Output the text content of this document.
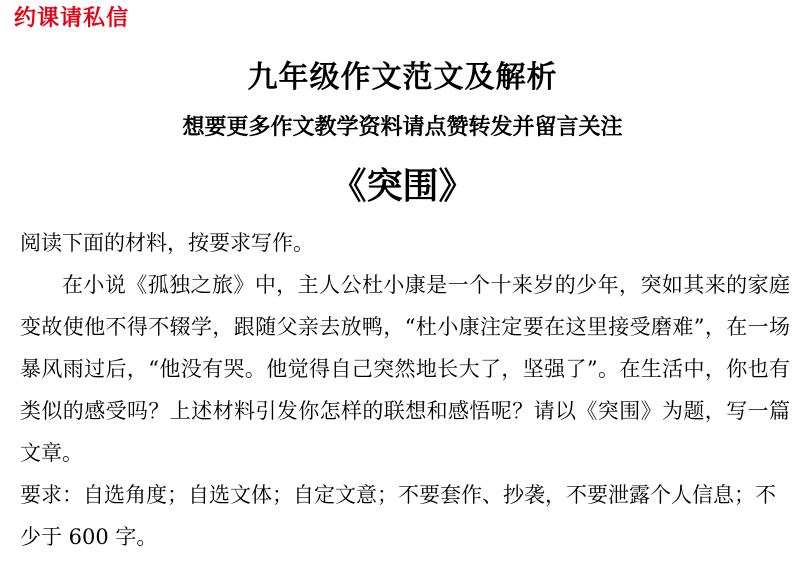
约课请私信
九年级作文范文及解析
想要更多作文教学资料请点赞转发并留言关注
《突围》

阅读下面的材料，按要求写作。

在小说《孤独之旅》中，主人公杜小康是一个十来岁的少年，突如其来的家庭变故使他不得不辍学，跟随父亲去放鸭，“杜小康注定要在这里接受磨难”，在一场暴风雨过后，“他没有哭。他觉得自己突然地长大了，坚强了”。在生活中，你也有类似的感受吗？上述材料引发你怎样的联想和感悟呢？请以《突围》为题，写一篇文章。

要求：自选角度；自选文体；自定文意；不要套作、抄袭，不要泄露个人信息；不少于 600 字。
